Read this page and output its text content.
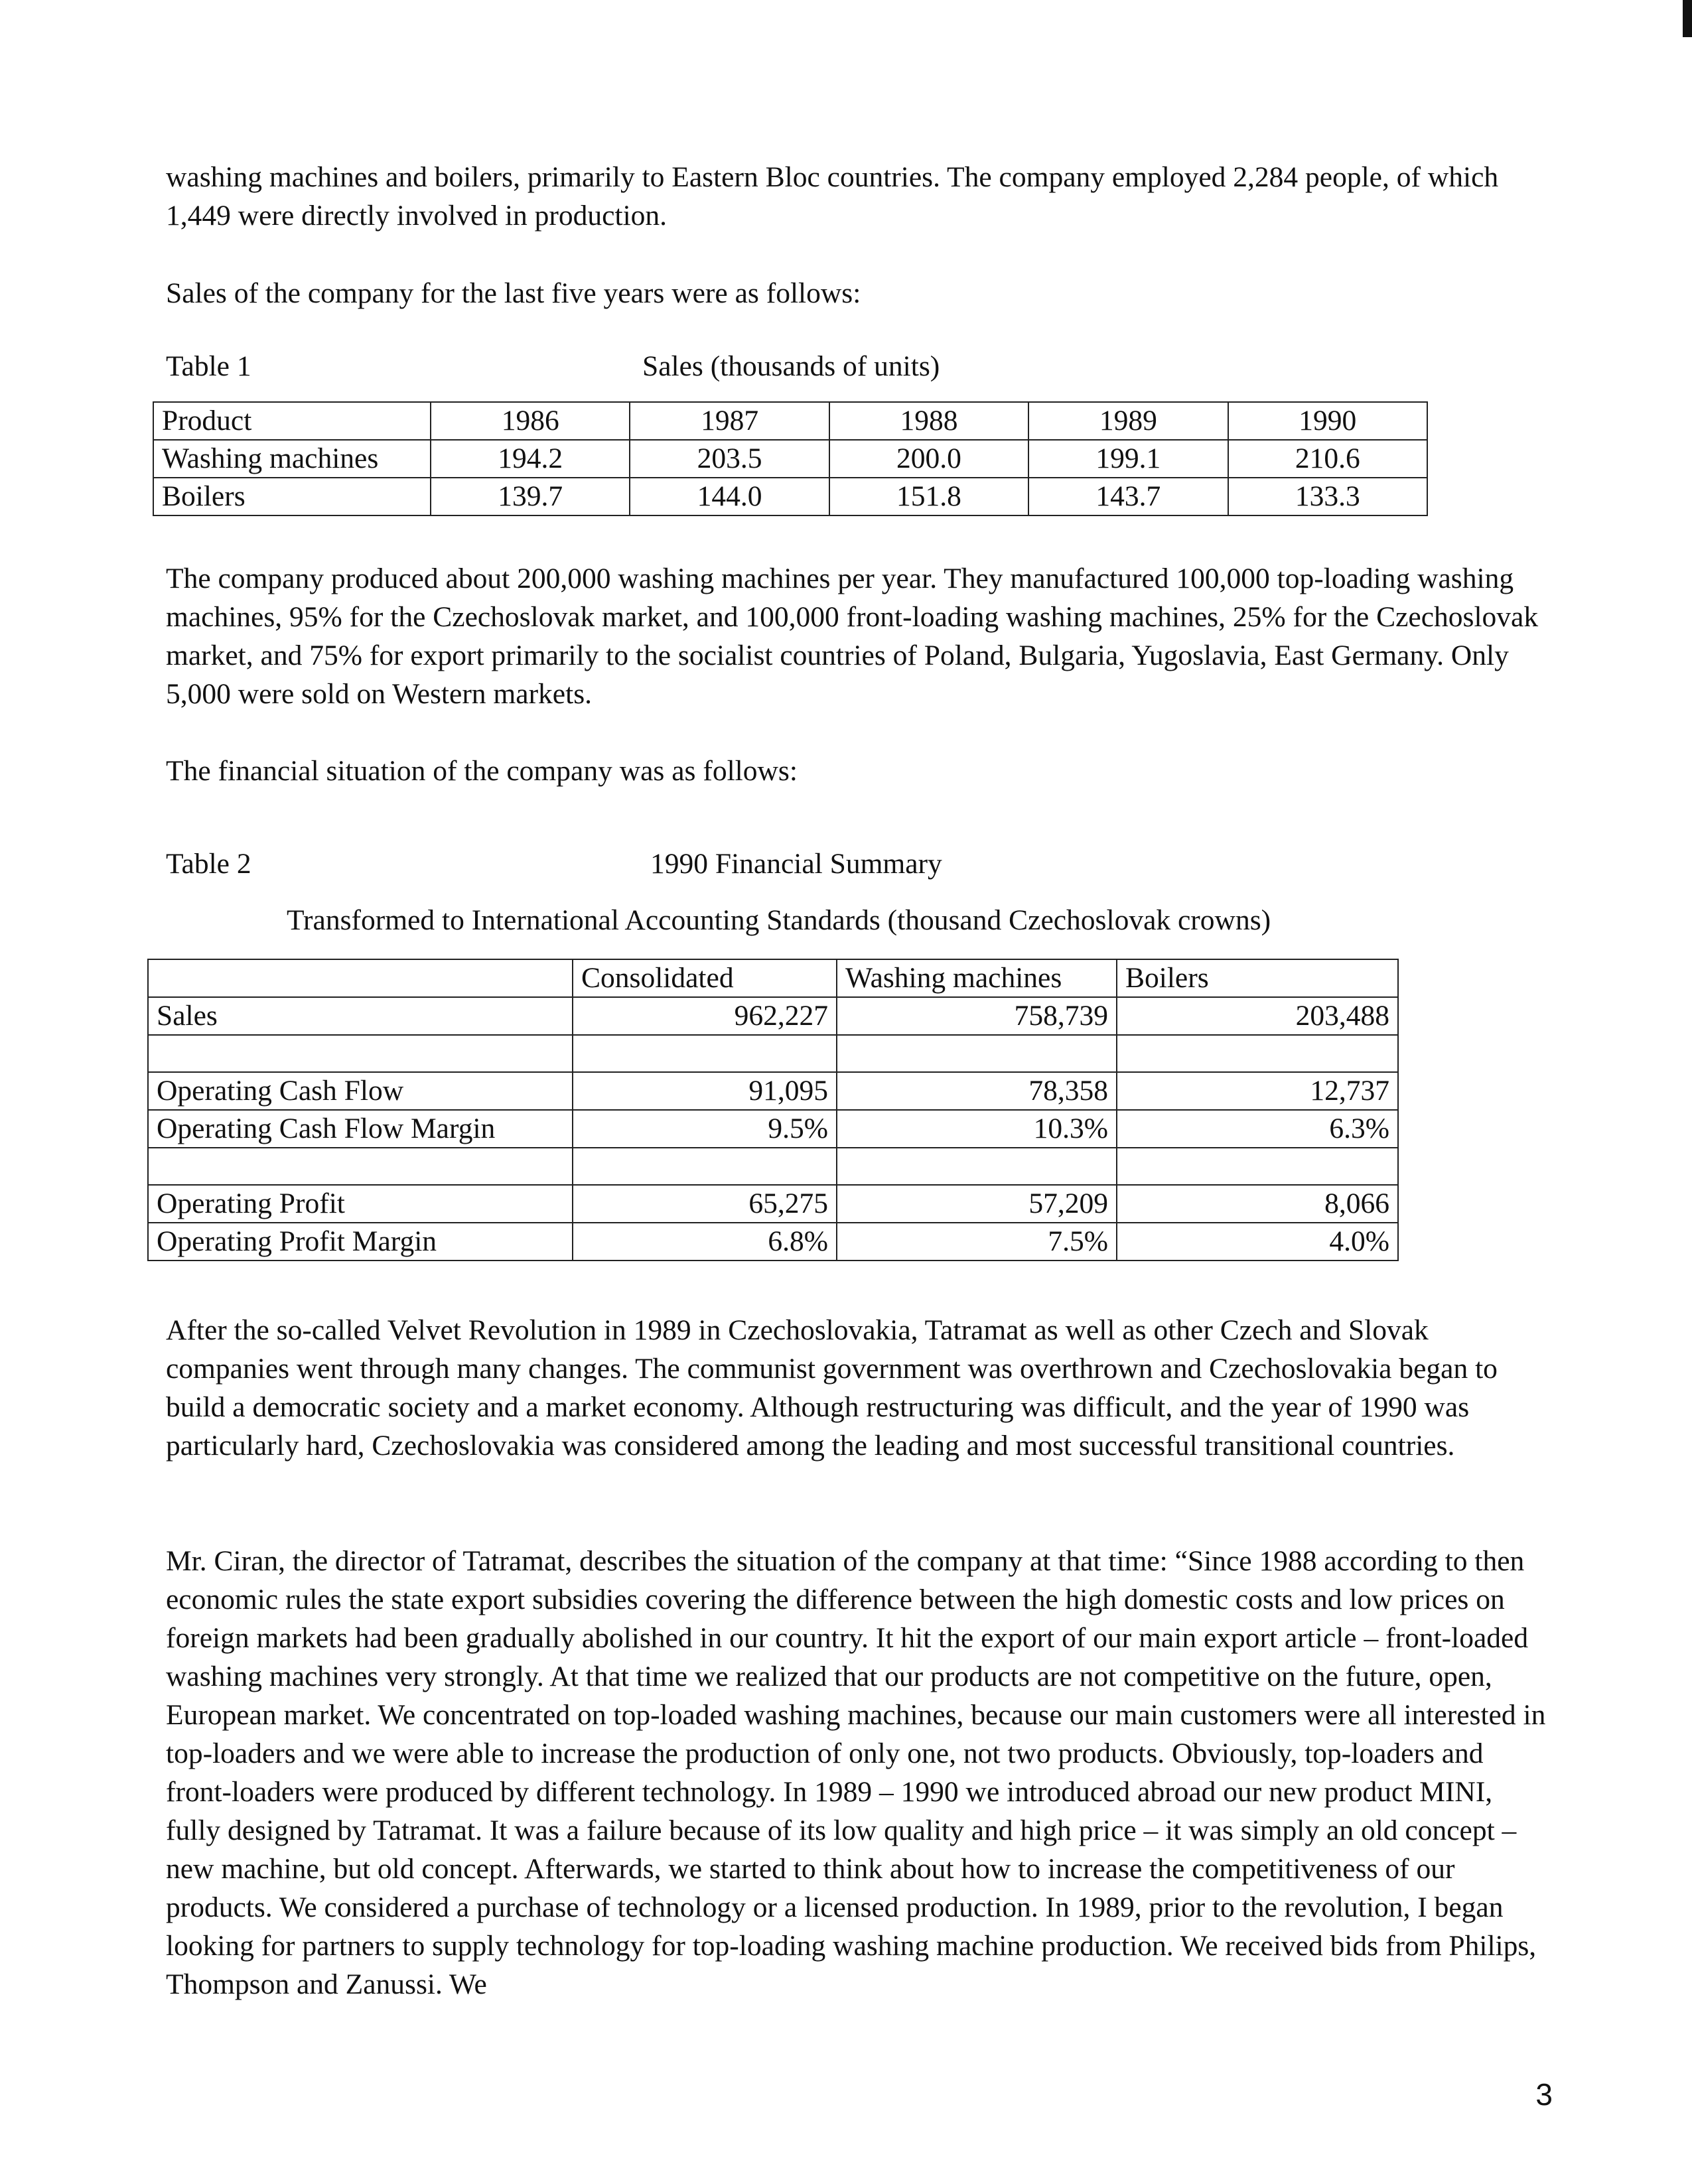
washing machines and boilers, primarily to Eastern Bloc countries. The company employed 2,284 people, of which 1,449 were directly involved in production.

Sales of the company for the last five years were as follows:

Table 1	Sales (thousands of units)

Product	1986	1987	1988	1989	1990
Washing machines	194.2	203.5	200.0	199.1	210.6
Boilers	139.7	144.0	151.8	143.7	133.3

The company produced about 200,000 washing machines per year. They manufactured 100,000 top-loading washing machines, 95% for the Czechoslovak market, and 100,000 front-loading washing machines, 25% for the Czechoslovak market, and 75% for export primarily to the socialist countries of Poland, Bulgaria, Yugoslavia, East Germany. Only 5,000 were sold on Western markets.

The financial situation of the company was as follows:

Table 2	1990 Financial Summary

Transformed to International Accounting Standards (thousand Czechoslovak crowns)

	Consolidated	Washing machines	Boilers
Sales	962,227	758,739	203,488

Operating Cash Flow	91,095	78,358	12,737
Operating Cash Flow Margin	9.5%	10.3%	6.3%

Operating Profit	65,275	57,209	8,066
Operating Profit Margin	6.8%	7.5%	4.0%

After the so-called Velvet Revolution in 1989 in Czechoslovakia, Tatramat as well as other Czech and Slovak companies went through many changes. The communist government was overthrown and Czechoslovakia began to build a democratic society and a market economy. Although restructuring was difficult, and the year of 1990 was particularly hard, Czechoslovakia was considered among the leading and most successful transitional countries.

Mr. Ciran, the director of Tatramat, describes the situation of the company at that time: “Since 1988 according to then economic rules the state export subsidies covering the difference between the high domestic costs and low prices on foreign markets had been gradually abolished in our country. It hit the export of our main export article – front-loaded washing machines very strongly. At that time we realized that our products are not competitive on the future, open, European market. We concentrated on top-loaded washing machines, because our main customers were all interested in top-loaders and we were able to increase the production of only one, not two products. Obviously, top-loaders and front-loaders were produced by different technology. In 1989 – 1990 we introduced abroad our new product MINI, fully designed by Tatramat. It was a failure because of its low quality and high price – it was simply an old concept – new machine, but old concept. Afterwards, we started to think about how to increase the competitiveness of our products. We considered a purchase of technology or a licensed production. In 1989, prior to the revolution, I began looking for partners to supply technology for top-loading washing machine production. We received bids from Philips, Thompson and Zanussi. We

3
